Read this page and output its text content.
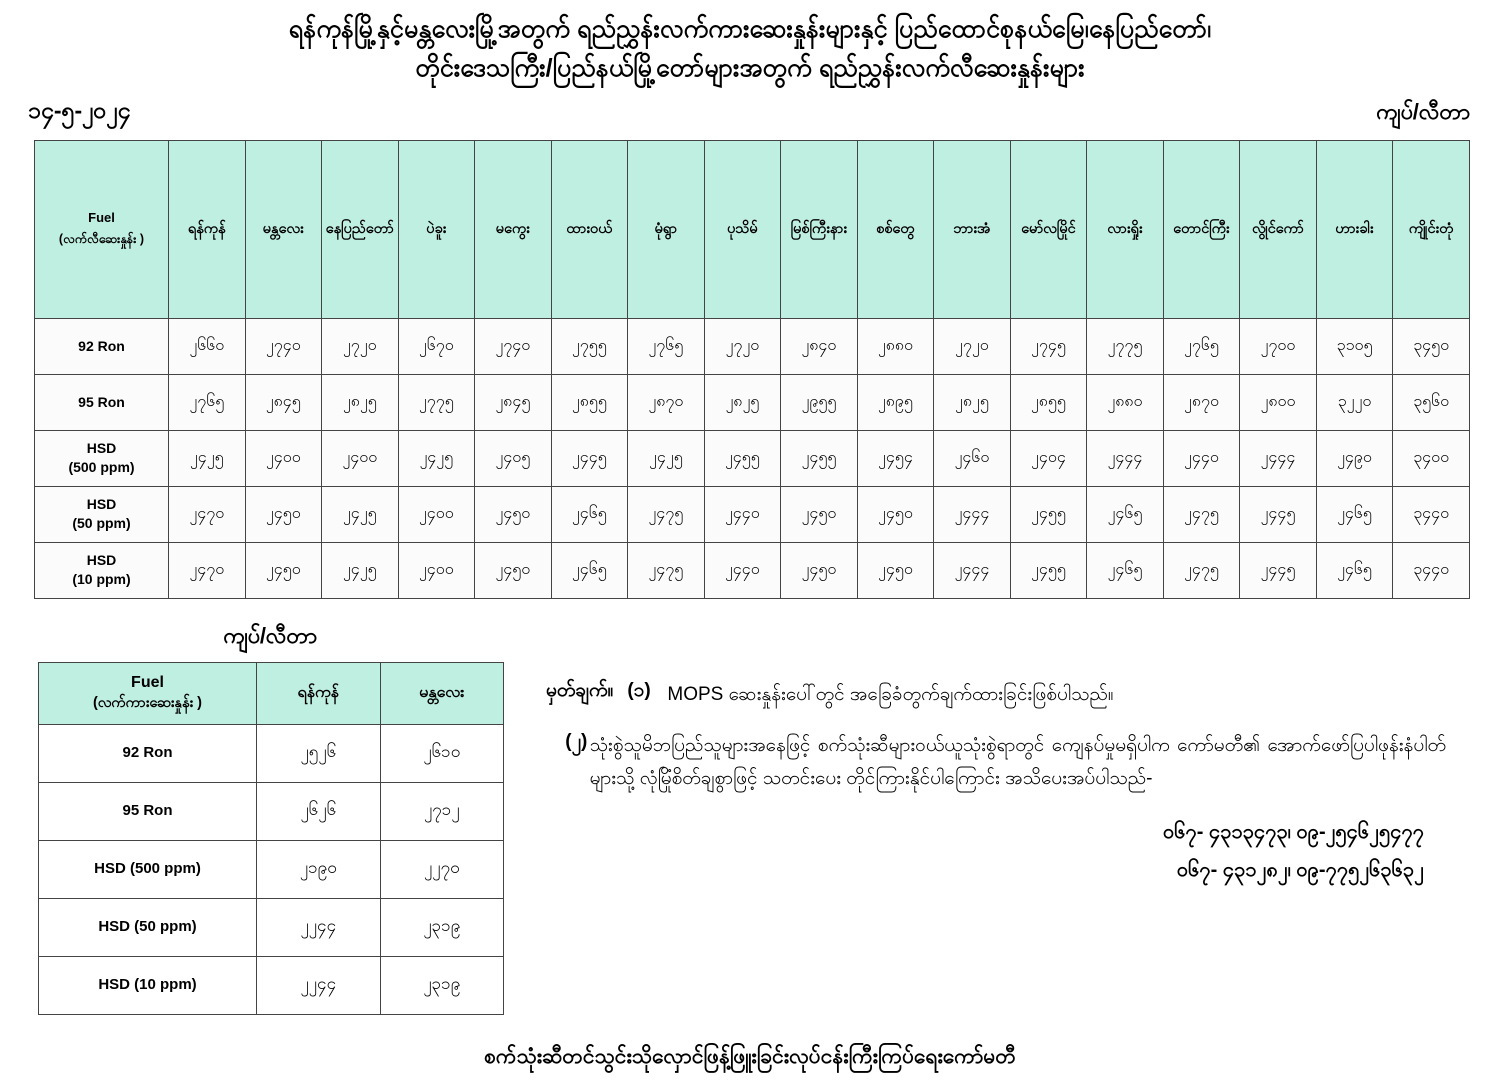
ရန်ကုန်မြို့နှင့်မန္တလေးမြို့အတွက် ရည်ညွှန်းလက်ကားဆေးနှုန်းများနှင့် ပြည်ထောင်စုနယ်မြေ၊နေပြည်တော်၊
တိုင်းဒေသကြီး/ပြည်နယ်မြို့တော်များအတွက် ရည်ညွှန်းလက်လီဆေးနှုန်းများ
၁၄-၅-၂၀၂၄	ကျပ်/လီတာ
Fuel
(လက်လီဆေးနှုန်း )	ရန်ကုန်	မန္တလေး	နေပြည်တော်	ပဲခူး	မကွေး	ထားဝယ်	မုံရွာ	ပုသိမ်	မြစ်ကြီးနား	စစ်တွေ	ဘားအံ	မော်လမြိုင်	လားရှိုး	တောင်ကြီး	လွိုင်ကော်	ဟားခါး	ကျိုင်းတုံ
92 Ron	၂၆၆၀	၂၇၄၀	၂၇၂၀	၂၆၇၀	၂၇၄၀	၂၇၅၅	၂၇၆၅	၂၇၂၀	၂၈၄၀	၂၈၈၀	၂၇၂၀	၂၇၄၅	၂၇၇၅	၂၇၆၅	၂၇၀၀	၃၁၀၅	၃၄၅၀
95 Ron	၂၇၆၅	၂၈၄၅	၂၈၂၅	၂၇၇၅	၂၈၄၅	၂၈၅၅	၂၈၇၀	၂၈၂၅	၂၉၅၅	၂၈၉၅	၂၈၂၅	၂၈၅၅	၂၈၈၀	၂၈၇၀	၂၈၀၀	၃၂၂၀	၃၅၆၀
HSD
(500 ppm)	၂၄၂၅	၂၄၀၀	၂၄၀၀	၂၄၂၅	၂၄၀၅	၂၄၄၅	၂၄၂၅	၂၄၅၅	၂၄၅၅	၂၄၅၄	၂၄၆၀	၂၄၀၄	၂၄၄၄	၂၄၄၀	၂၄၄၄	၂၄၉၀	၃၄၀၀
HSD
(50 ppm)	၂၄၇၀	၂၄၅၀	၂၄၂၅	၂၄၀၀	၂၄၅၀	၂၄၆၅	၂၄၇၅	၂၄၄၀	၂၄၅၀	၂၄၅၀	၂၄၄၄	၂၄၅၅	၂၄၆၅	၂၄၇၅	၂၄၄၅	၂၄၆၅	၃၄၄၀
HSD
(10 ppm)	၂၄၇၀	၂၄၅၀	၂၄၂၅	၂၄၀၀	၂၄၅၀	၂၄၆၅	၂၄၇၅	၂၄၄၀	၂၄၅၀	၂၄၅၀	၂၄၄၄	၂၄၅၅	၂၄၆၅	၂၄၇၅	၂၄၄၅	၂၄၆၅	၃၄၄၀
ကျပ်/လီတာ
Fuel
(လက်ကားဆေးနှုန်း )	ရန်ကုန်	မန္တလေး
92 Ron	၂၅၂၆	၂၆၁၀
95 Ron	၂၆၂၆	၂၇၁၂
HSD (500 ppm)	၂၁၉၀	၂၂၇၀
HSD (50 ppm)	၂၂၄၄	၂၃၁၉
HSD (10 ppm)	၂၂၄၄	၂၃၁၉
မှတ်ချက်။ (၁) MOPS ဆေးနှုန်းပေါ်တွင် အခြေခံတွက်ချက်ထားခြင်းဖြစ်ပါသည်။
(၂) သုံးစွဲသူမိဘပြည်သူများအနေဖြင့် စက်သုံးဆီများဝယ်ယူသုံးစွဲရာတွင် ကျေနပ်မှုမရှိပါက ကော်မတီ၏ အောက်ဖော်ပြပါဖုန်းနံပါတ်များသို့ လုံမြိုံစိတ်ချစွာဖြင့် သတင်းပေး တိုင်ကြားနိုင်ပါကြောင်း အသိပေးအပ်ပါသည်-
၀၆၇- ၄၃၁၃၄၇၃၊ ၀၉-၂၅၄၆၂၅၄၇၇
၀၆၇- ၄၃၁၂၈၂၊ ၀၉-၇၇၅၂၆၃၆၃၂
စက်သုံးဆီတင်သွင်းသိုလှောင်ဖြန့်ဖြူးခြင်းလုပ်ငန်းကြီးကြပ်ရေးကော်မတီ
